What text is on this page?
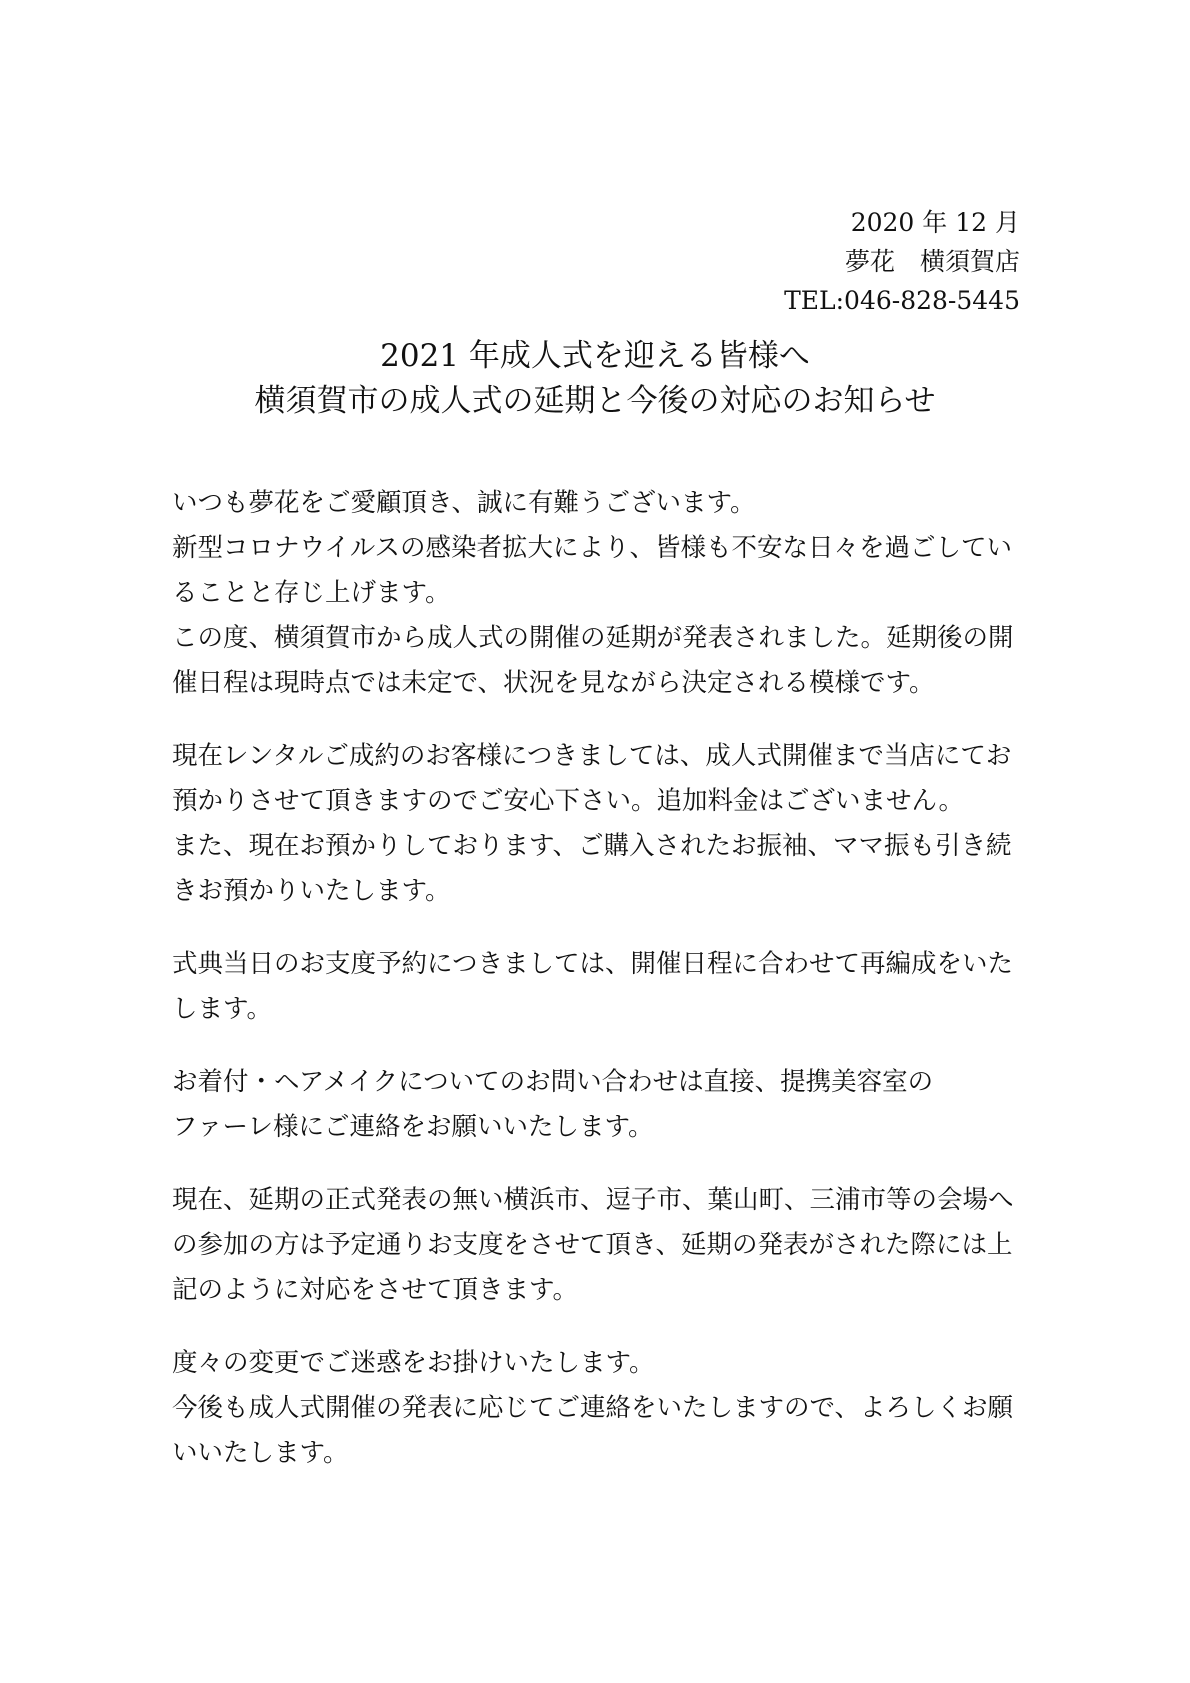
2020 年 12 月
夢花　横須賀店
TEL:046-828-5445
2021 年成人式を迎える皆様へ
横須賀市の成人式の延期と今後の対応のお知らせ
いつも夢花をご愛顧頂き、誠に有難うございます。
新型コロナウイルスの感染者拡大により、皆様も不安な日々を過ごしてい
ることと存じ上げます。
この度、横須賀市から成人式の開催の延期が発表されました。延期後の開
催日程は現時点では未定で、状況を見ながら決定される模様です。
現在レンタルご成約のお客様につきましては、成人式開催まで当店にてお
預かりさせて頂きますのでご安心下さい。追加料金はございません。
また、現在お預かりしております、ご購入されたお振袖、ママ振も引き続
きお預かりいたします。
式典当日のお支度予約につきましては、開催日程に合わせて再編成をいた
します。
お着付・ヘアメイクについてのお問い合わせは直接、提携美容室の
ファーレ様にご連絡をお願いいたします。
現在、延期の正式発表の無い横浜市、逗子市、葉山町、三浦市等の会場へ
の参加の方は予定通りお支度をさせて頂き、延期の発表がされた際には上
記のように対応をさせて頂きます。
度々の変更でご迷惑をお掛けいたします。
今後も成人式開催の発表に応じてご連絡をいたしますので、よろしくお願
いいたします。
